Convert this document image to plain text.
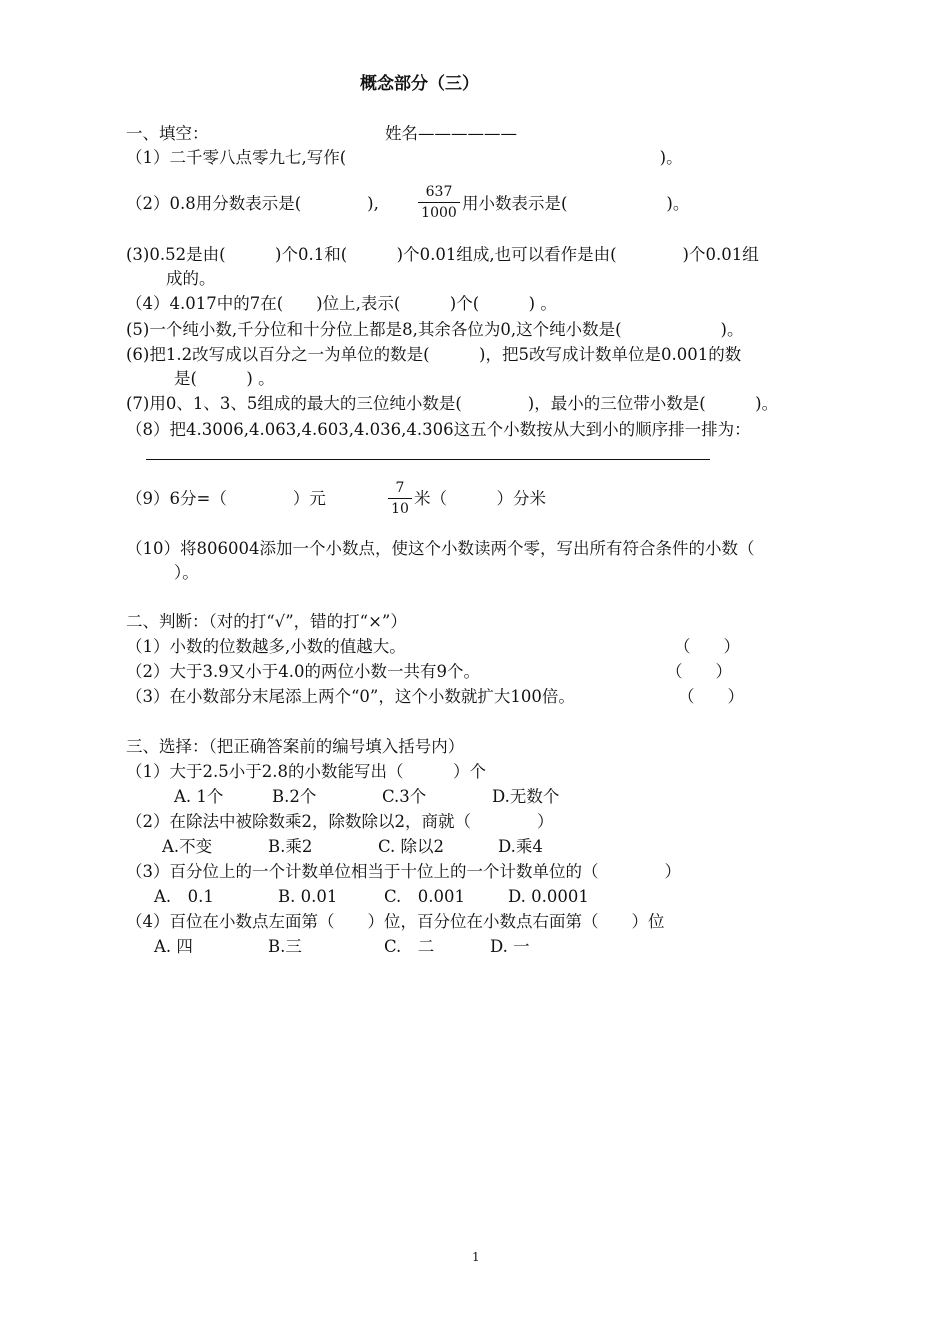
概念部分（三）
一、填空：	姓名——————
（1）二千零八点零九七,写作(　　　　　　　　　　　　　　　　　　　)。
（2）0.8用分数表示是(　　　　),
637
1000 用小数表示是(　　　　　　)。
(3)0.52是由(　　　)个0.1和(　　　)个0.01组成,也可以看作是由(　　　　)个0.01组
成的。
（4）4.017中的7在(　　)位上,表示(　　　)个(　　　) 。
(5)一个纯小数,千分位和十分位上都是8,其余各位为0,这个纯小数是(　　　　　　)。
(6)把1.2改写成以百分之一为单位的数是(　　　)，把5改写成计数单位是0.001的数
是(　　　) 。
(7)用0、1、3、5组成的最大的三位纯小数是(　　　　)，最小的三位带小数是(　　　)。
（8）把4.3006,4.063,4.603,4.036,4.306这五个小数按从大到小的顺序排一排为：
（9）6分=（　　　　）元
7
10
米（　　　）分米
（10）将806004添加一个小数点，使这个小数读两个零，写出所有符合条件的小数（
）。
二、判断：（对的打“√”，错的打“×”）
（1）小数的位数越多,小数的值越大。	（　　）
（2）大于3.9又小于4.0的两位小数一共有9个。	（　　）
（3）在小数部分末尾添上两个“0”，这个小数就扩大100倍。	（　　）
三、选择：（把正确答案前的编号填入括号内）
（1）大于2.5小于2.8的小数能写出（　　　）个
A. 1个	B.2个	C.3个	D.无数个
（2）在除法中被除数乘2，除数除以2，商就（　　　　）
A.不变	B.乘2	C. 除以2	D.乘4
（3）百分位上的一个计数单位相当于十位上的一个计数单位的（　　　　）
A.　0.1	B. 0.01	C.　0.001	D. 0.0001
（4）百位在小数点左面第（　　）位，百分位在小数点右面第（　　）位
A. 四	B.三	C.　二	D. 一
1
